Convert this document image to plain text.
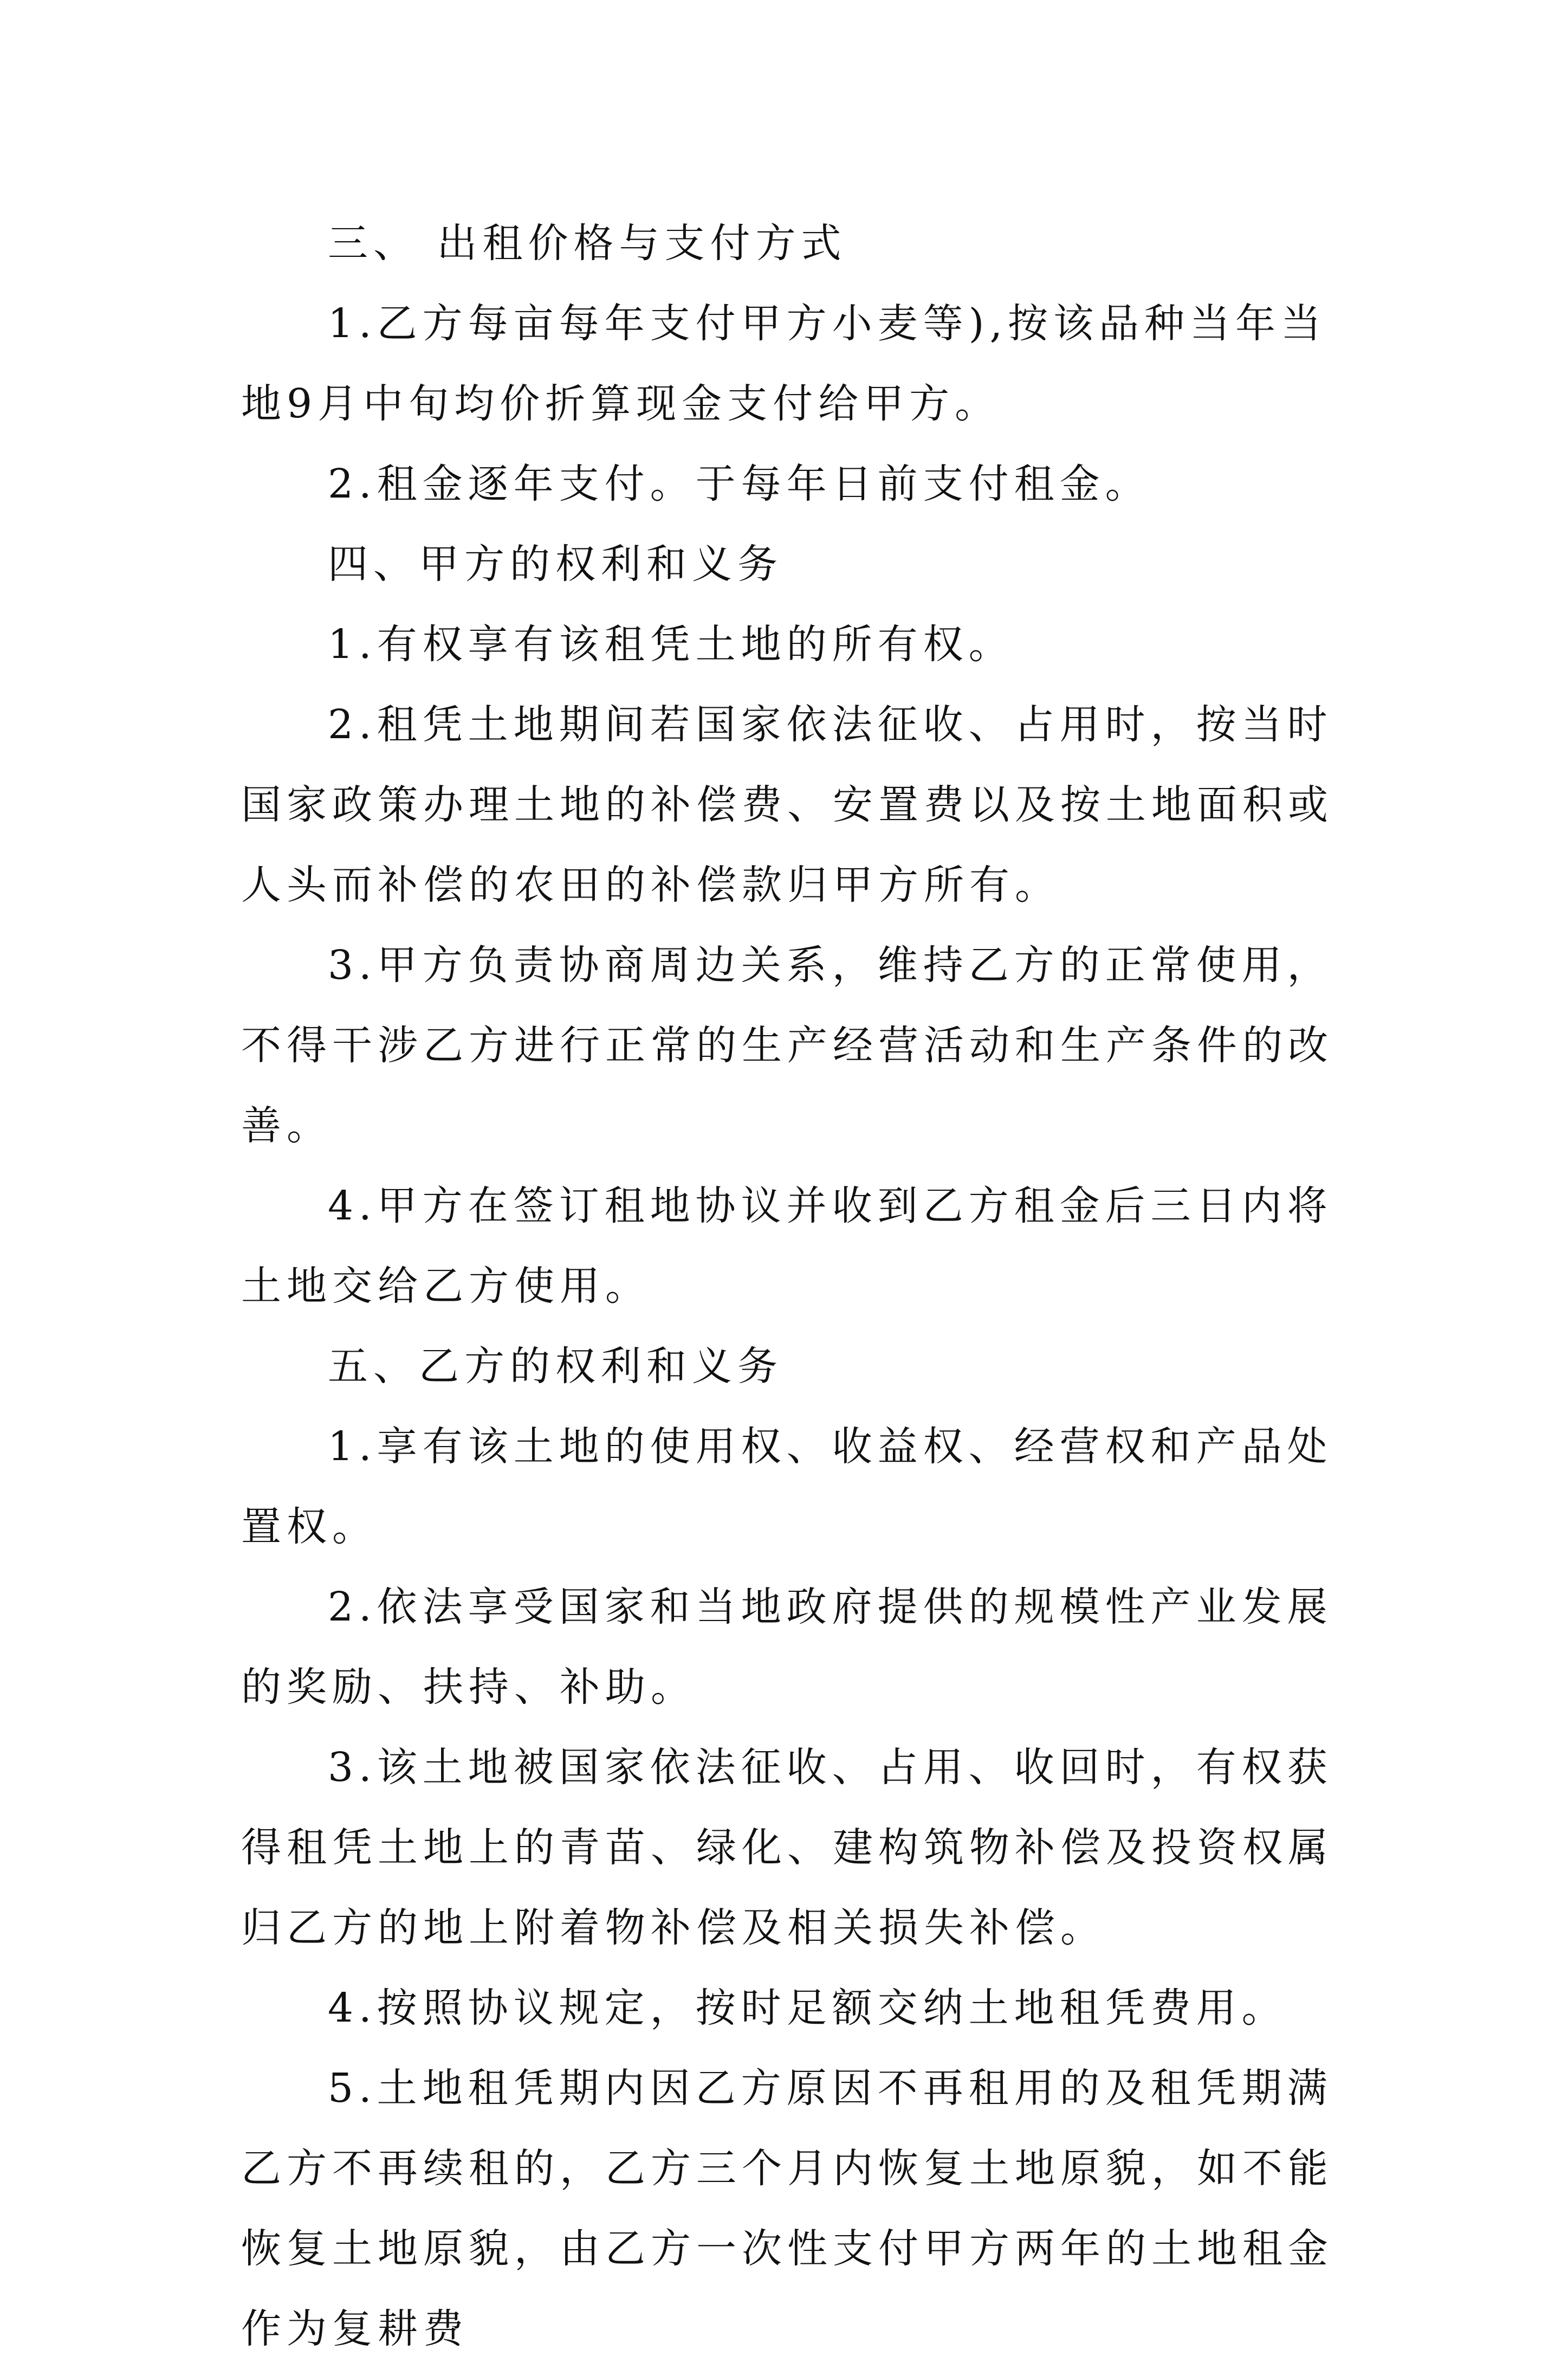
三、 出租价格与支付方式

1.乙方每亩每年支付甲方小麦等),按该品种当年当地9月中旬均价折算现金支付给甲方。

2.租金逐年支付。于每年日前支付租金。

四、甲方的权利和义务

1.有权享有该租凭土地的所有权。

2.租凭土地期间若国家依法征收、占用时，按当时国家政策办理土地的补偿费、安置费以及按土地面积或人头而补偿的农田的补偿款归甲方所有。

3.甲方负责协商周边关系，维持乙方的正常使用，不得干涉乙方进行正常的生产经营活动和生产条件的改善。

4.甲方在签订租地协议并收到乙方租金后三日内将土地交给乙方使用。

五、乙方的权利和义务

1.享有该土地的使用权、收益权、经营权和产品处置权。

2.依法享受国家和当地政府提供的规模性产业发展的奖励、扶持、补助。

3.该土地被国家依法征收、占用、收回时，有权获得租凭土地上的青苗、绿化、建构筑物补偿及投资权属归乙方的地上附着物补偿及相关损失补偿。

4.按照协议规定，按时足额交纳土地租凭费用。

5.土地租凭期内因乙方原因不再租用的及租凭期满乙方不再续租的，乙方三个月内恢复土地原貌，如不能恢复土地原貌，由乙方一次性支付甲方两年的土地租金作为复耕费
